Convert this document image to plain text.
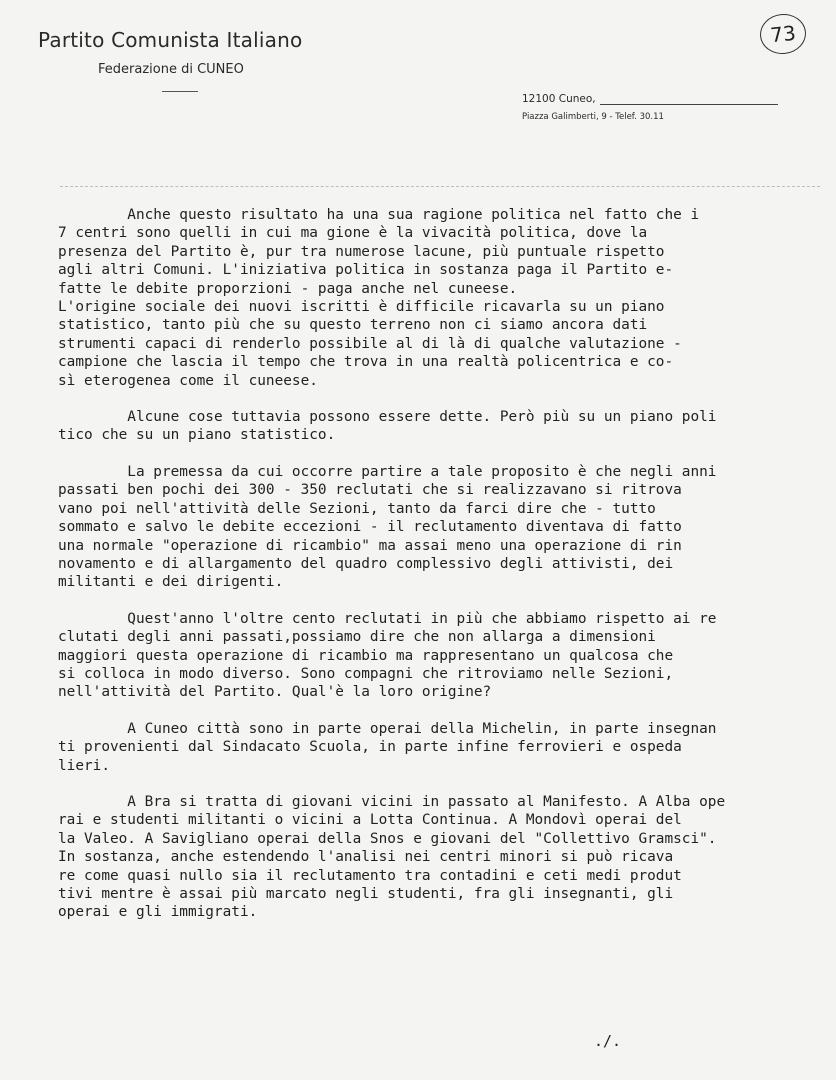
Partito Comunista Italiano
Federazione di CUNEO
73
12100 Cuneo,
Piazza Galimberti, 9 - Telef. 30.11

Anche questo risultato ha una sua ragione politica nel fatto che i
7 centri sono quelli in cui ma gione è la vivacità politica, dove la
presenza del Partito è, pur tra numerose lacune, più puntuale rispetto
agli altri Comuni. L'iniziativa politica in sostanza paga il Partito e-
fatte le debite proporzioni - paga anche nel cuneese.

L'origine sociale dei nuovi iscritti è difficile ricavarla su un piano
statistico, tanto più che su questo terreno non ci siamo ancora dati
strumenti capaci di renderlo possibile al di là di qualche valutazione -
campione che lascia il tempo che trova in una realtà policentrica e co-
sì eterogenea come il cuneese.

Alcune cose tuttavia possono essere dette. Però più su un piano poli
tico che su un piano statistico.

La premessa da cui occorre partire a tale proposito è che negli anni
passati ben pochi dei 300 - 350 reclutati che si realizzavano si ritrova
vano poi nell'attività delle Sezioni, tanto da farci dire che - tutto
sommato e salvo le debite eccezioni - il reclutamento diventava di fatto
una normale "operazione di ricambio" ma assai meno una operazione di rin
novamento e di allargamento del quadro complessivo degli attivisti, dei
militanti e dei dirigenti.

Quest'anno l'oltre cento reclutati in più che abbiamo rispetto ai re
clutati degli anni passati,possiamo dire che non allarga a dimensioni
maggiori questa operazione di ricambio ma rappresentano un qualcosa che
si colloca in modo diverso. Sono compagni che ritroviamo nelle Sezioni,
nell'attività del Partito. Qual'è la loro origine?

A Cuneo città sono in parte operai della Michelin, in parte insegnan
ti provenienti dal Sindacato Scuola, in parte infine ferrovieri e ospeda
lieri.

A Bra si tratta di giovani vicini in passato al Manifesto. A Alba ope
rai e studenti militanti o vicini a Lotta Continua. A Mondovì operai del
la Valeo. A Savigliano operai della Snos e giovani del "Collettivo Gramsci".
In sostanza, anche estendendo l'analisi nei centri minori si può ricava
re come quasi nullo sia il reclutamento tra contadini e ceti medi produt
tivi mentre è assai più marcato negli studenti, fra gli insegnanti, gli
operai e gli immigrati.

./.
